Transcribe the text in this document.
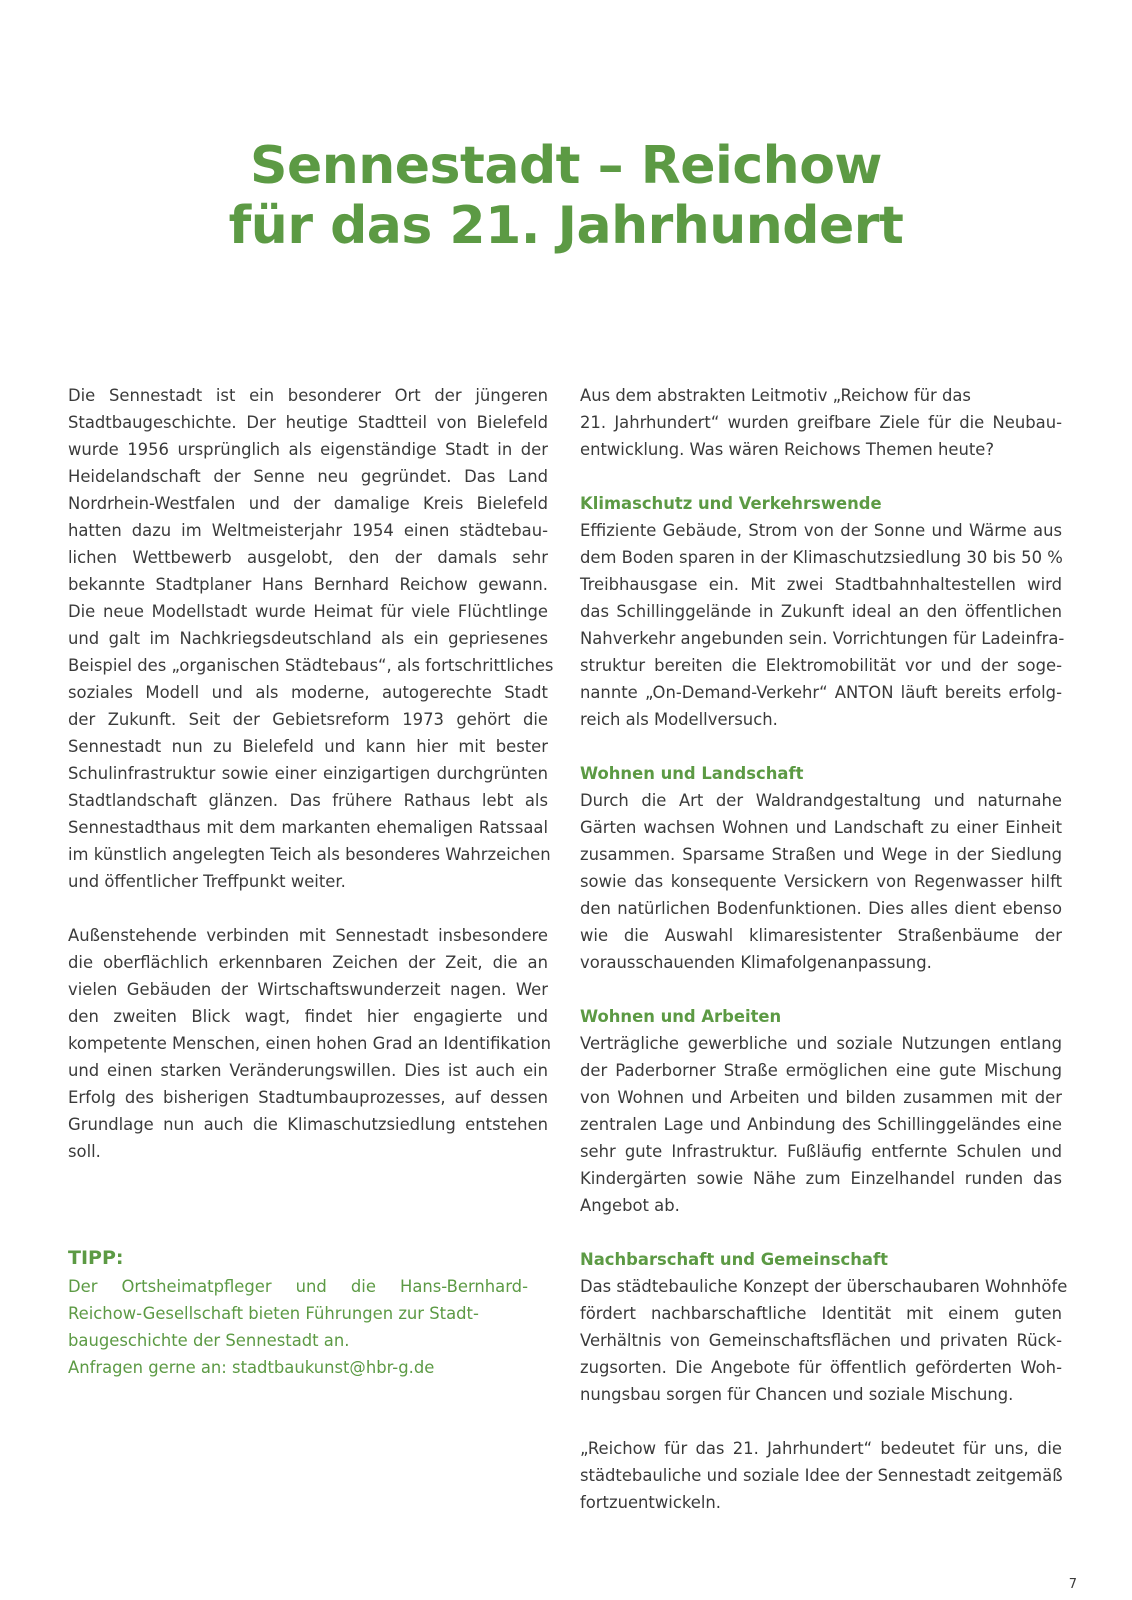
Sennestadt – Reichow
für das 21. Jahrhundert
Die Sennestadt ist ein besonderer Ort der jüngeren
Stadtbaugeschichte. Der heutige Stadtteil von Bielefeld
wurde 1956 ursprünglich als eigenständige Stadt in der
Heidelandschaft der Senne neu gegründet. Das Land
Nordrhein-Westfalen und der damalige Kreis Bielefeld
hatten dazu im Weltmeisterjahr 1954 einen städtebau-
lichen Wettbewerb ausgelobt, den der damals sehr
bekannte Stadtplaner Hans Bernhard Reichow gewann.
Die neue Modellstadt wurde Heimat für viele Flüchtlinge
und galt im Nachkriegsdeutschland als ein gepriesenes
Beispiel des „organischen Städtebaus“, als fortschrittliches
soziales Modell und als moderne, autogerechte Stadt
der Zukunft. Seit der Gebietsreform 1973 gehört die
Sennestadt nun zu Bielefeld und kann hier mit bester
Schulinfrastruktur sowie einer einzigartigen durchgrünten
Stadtlandschaft glänzen. Das frühere Rathaus lebt als
Sennestadthaus mit dem markanten ehemaligen Ratssaal
im künstlich angelegten Teich als besonderes Wahrzeichen
und öffentlicher Treffpunkt weiter.
Außenstehende verbinden mit Sennestadt insbesondere
die oberflächlich erkennbaren Zeichen der Zeit, die an
vielen Gebäuden der Wirtschaftswunderzeit nagen. Wer
den zweiten Blick wagt, findet hier engagierte und
kompetente Menschen, einen hohen Grad an Identifikation
und einen starken Veränderungswillen. Dies ist auch ein
Erfolg des bisherigen Stadtumbauprozesses, auf dessen
Grundlage nun auch die Klimaschutzsiedlung entstehen
soll.
TIPP:
Der Ortsheimatpfleger und die Hans-Bernhard-
Reichow-Gesellschaft bieten Führungen zur Stadt-
baugeschichte der Sennestadt an.
Anfragen gerne an: stadtbaukunst@hbr-g.de
Aus dem abstrakten Leitmotiv „Reichow für das
21. Jahrhundert“ wurden greifbare Ziele für die Neubau-
entwicklung. Was wären Reichows Themen heute?
Klimaschutz und Verkehrswende
Effiziente Gebäude, Strom von der Sonne und Wärme aus
dem Boden sparen in der Klimaschutzsiedlung 30 bis 50 %
Treibhausgase ein. Mit zwei Stadtbahnhaltestellen wird
das Schillinggelände in Zukunft ideal an den öffentlichen
Nahverkehr angebunden sein. Vorrichtungen für Ladeinfra-
struktur bereiten die Elektromobilität vor und der soge-
nannte „On-Demand-Verkehr“ ANTON läuft bereits erfolg-
reich als Modellversuch.
Wohnen und Landschaft
Durch die Art der Waldrandgestaltung und naturnahe
Gärten wachsen Wohnen und Landschaft zu einer Einheit
zusammen. Sparsame Straßen und Wege in der Siedlung
sowie das konsequente Versickern von Regenwasser hilft
den natürlichen Bodenfunktionen. Dies alles dient ebenso
wie die Auswahl klimaresistenter Straßenbäume der
vorausschauenden Klimafolgenanpassung.
Wohnen und Arbeiten
Verträgliche gewerbliche und soziale Nutzungen entlang
der Paderborner Straße ermöglichen eine gute Mischung
von Wohnen und Arbeiten und bilden zusammen mit der
zentralen Lage und Anbindung des Schillinggeländes eine
sehr gute Infrastruktur. Fußläufig entfernte Schulen und
Kindergärten sowie Nähe zum Einzelhandel runden das
Angebot ab.
Nachbarschaft und Gemeinschaft
Das städtebauliche Konzept der überschaubaren Wohnhöfe
fördert nachbarschaftliche Identität mit einem guten
Verhältnis von Gemeinschaftsflächen und privaten Rück-
zugsorten. Die Angebote für öffentlich geförderten Woh-
nungsbau sorgen für Chancen und soziale Mischung.
„Reichow für das 21. Jahrhundert“ bedeutet für uns, die
städtebauliche und soziale Idee der Sennestadt zeitgemäß
fortzuentwickeln.
7
